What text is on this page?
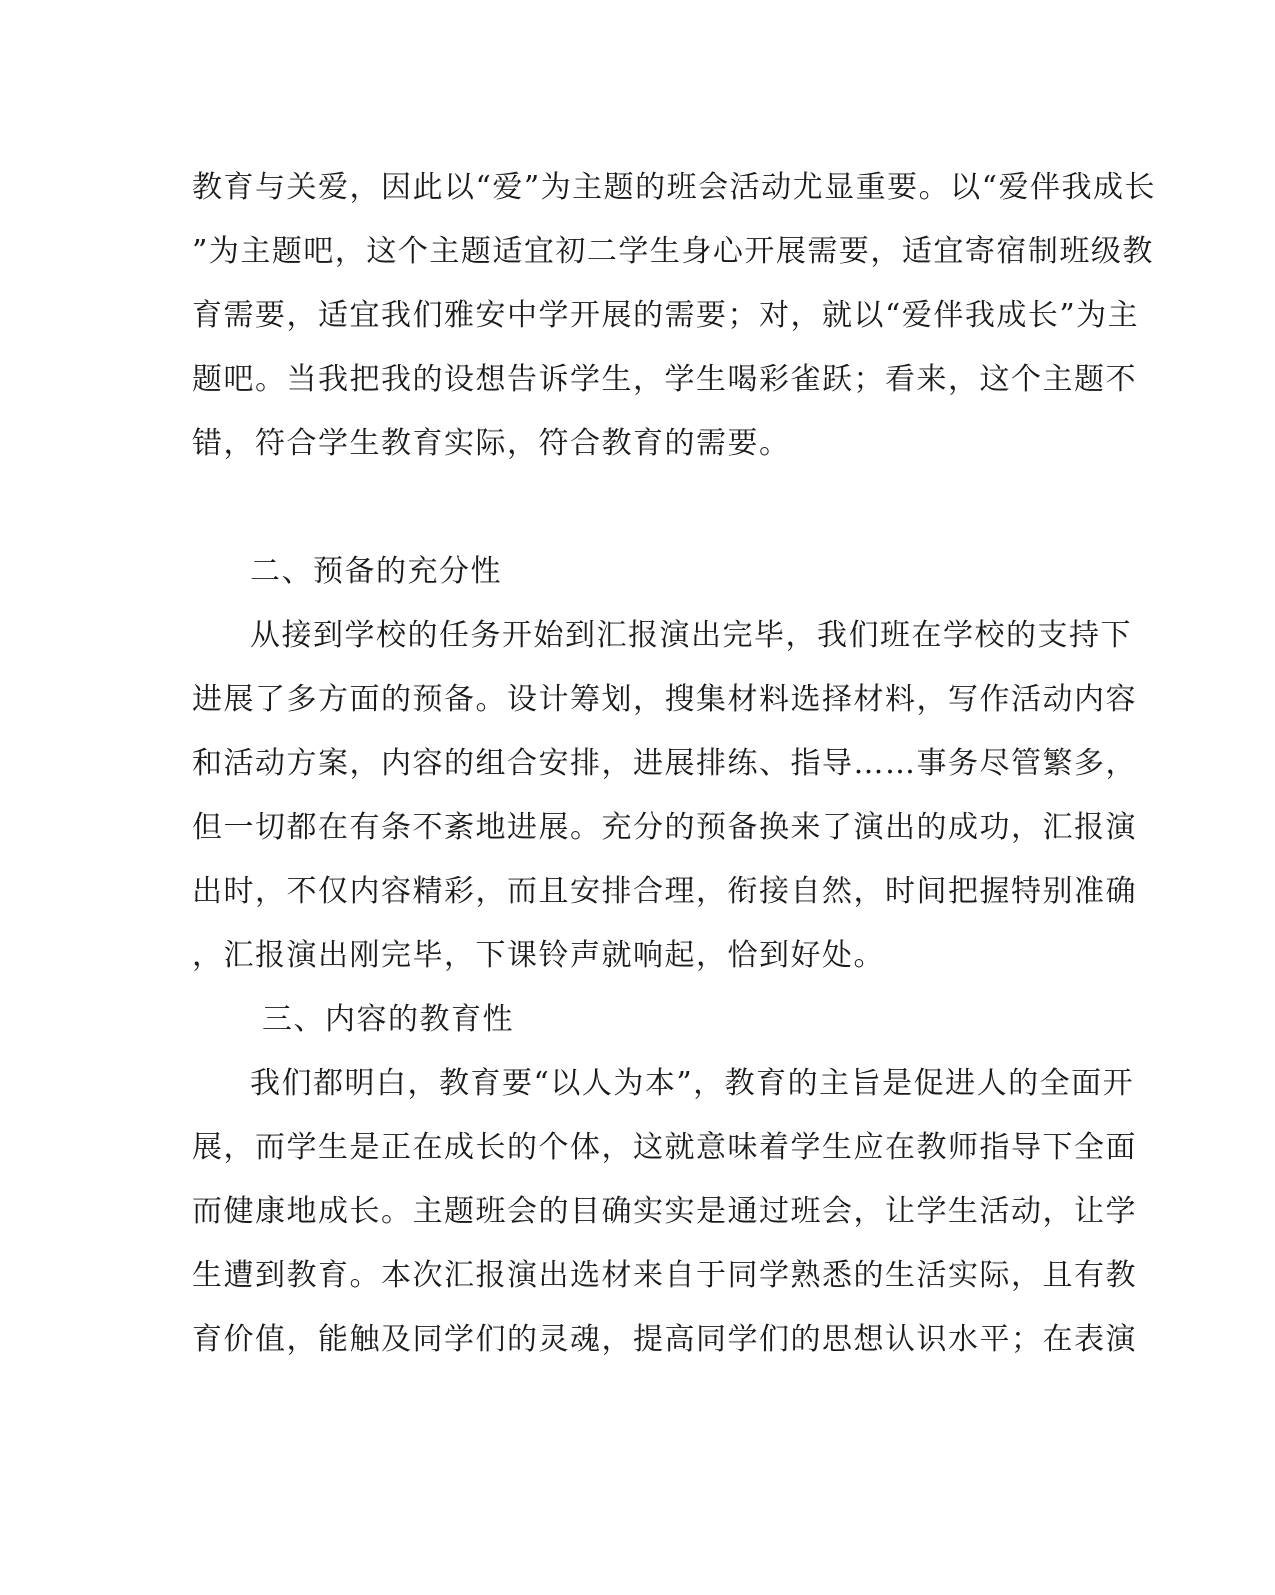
教育与关爱，因此以“爱”为主题的班会活动尤显重要。以“爱伴我成长
”为主题吧，这个主题适宜初二学生身心开展需要，适宜寄宿制班级教
育需要，适宜我们雅安中学开展的需要；对，就以“爱伴我成长”为主
题吧。当我把我的设想告诉学生，学生喝彩雀跃；看来，这个主题不
错，符合学生教育实际，符合教育的需要。
二、预备的充分性
从接到学校的任务开始到汇报演出完毕，我们班在学校的支持下
进展了多方面的预备。设计筹划，搜集材料选择材料，写作活动内容
和活动方案，内容的组合安排，进展排练、指导……事务尽管繁多，
但一切都在有条不紊地进展。充分的预备换来了演出的成功，汇报演
出时，不仅内容精彩，而且安排合理，衔接自然，时间把握特别准确
，汇报演出刚完毕，下课铃声就响起，恰到好处。
三、内容的教育性
我们都明白，教育要“以人为本”，教育的主旨是促进人的全面开
展，而学生是正在成长的个体，这就意味着学生应在教师指导下全面
而健康地成长。主题班会的目确实实是通过班会，让学生活动，让学
生遭到教育。本次汇报演出选材来自于同学熟悉的生活实际，且有教
育价值，能触及同学们的灵魂，提高同学们的思想认识水平；在表演
